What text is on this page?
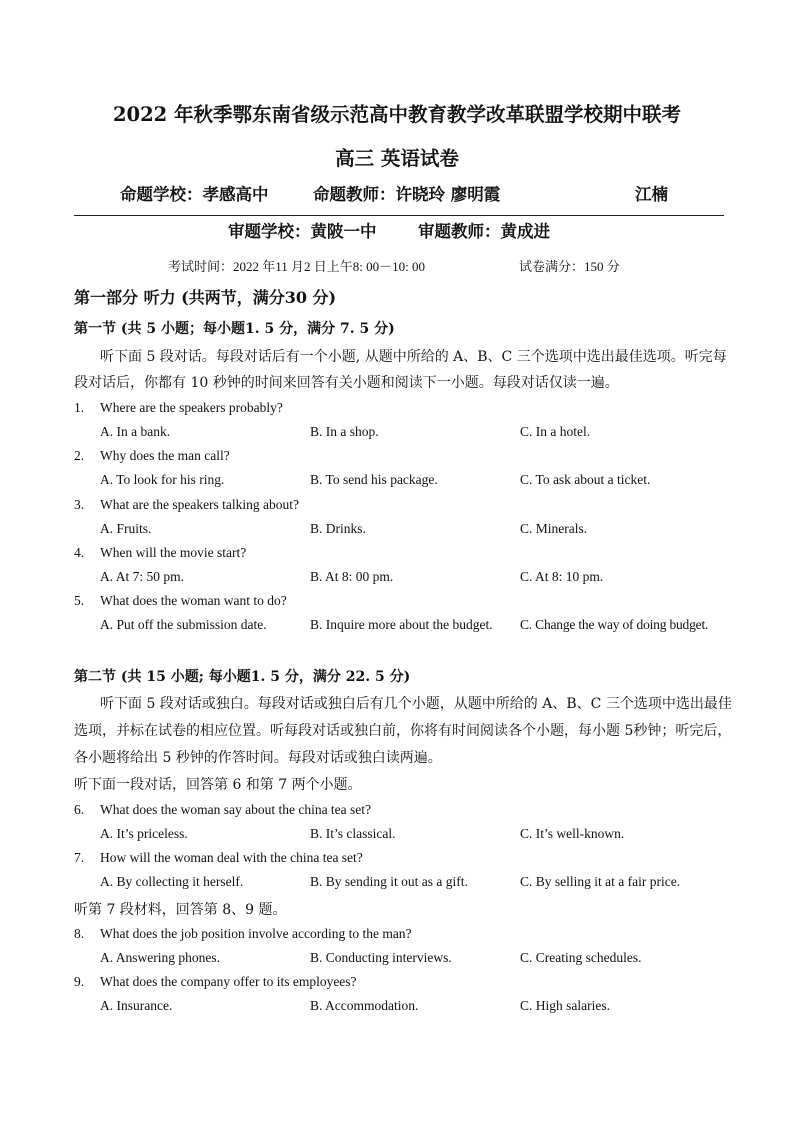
2022 年秋季鄂东南省级示范高中教育教学改革联盟学校期中联考
高三 英语试卷
命题学校：孝感高中	命题教师：许晓玲 廖明霞	江楠
审题学校：黄陂一中	审题教师：黄成进
考试时间：2022 年11 月2 日上午8: 00－10: 00	试卷满分：150 分
第一部分 听力 (共两节，满分30 分)
第一节 (共 5 小题；每小题1. 5 分，满分 7. 5 分)
听下面 5 段对话。每段对话后有一个小题, 从题中所给的 A、B、C 三个选项中选出最佳选项。听完每
段对话后，你都有 10 秒钟的时间来回答有关小题和阅读下一小题。每段对话仅读一遍。
1. Where are the speakers probably?
A. In a bank.	B. In a shop.	C. In a hotel.
2. Why does the man call?
A. To look for his ring.	B. To send his package.	C. To ask about a ticket.
3. What are the speakers talking about?
A. Fruits.	B. Drinks.	C. Minerals.
4. When will the movie start?
A. At 7: 50 pm.	B. At 8: 00 pm.	C. At 8: 10 pm.
5. What does the woman want to do?
A. Put off the submission date.	B. Inquire more about the budget. C. Change the way of doing budget.
第二节 (共 15 小题; 每小题1. 5 分，满分 22. 5 分)
听下面 5 段对话或独白。每段对话或独白后有几个小题，从题中所给的 A、B、C 三个选项中选出最佳
选项，并标在试卷的相应位置。听每段对话或独白前，你将有时间阅读各个小题，每小题 5秒钟；听完后，
各小题将给出 5 秒钟的作答时间。每段对话或独白读两遍。
听下面一段对话，回答第 6 和第 7 两个小题。
6. What does the woman say about the china tea set?
A. It’s priceless.	B. It’s classical.	C. It’s well-known.
7. How will the woman deal with the china tea set?
A. By collecting it herself.	B. By sending it out as a gift.	C. By selling it at a fair price.
听第 7 段材料，回答第 8、9 题。
8. What does the job position involve according to the man?
A. Answering phones.	B. Conducting interviews.	C. Creating schedules.
9. What does the company offer to its employees?
A. Insurance.	B. Accommodation.	C. High salaries.
